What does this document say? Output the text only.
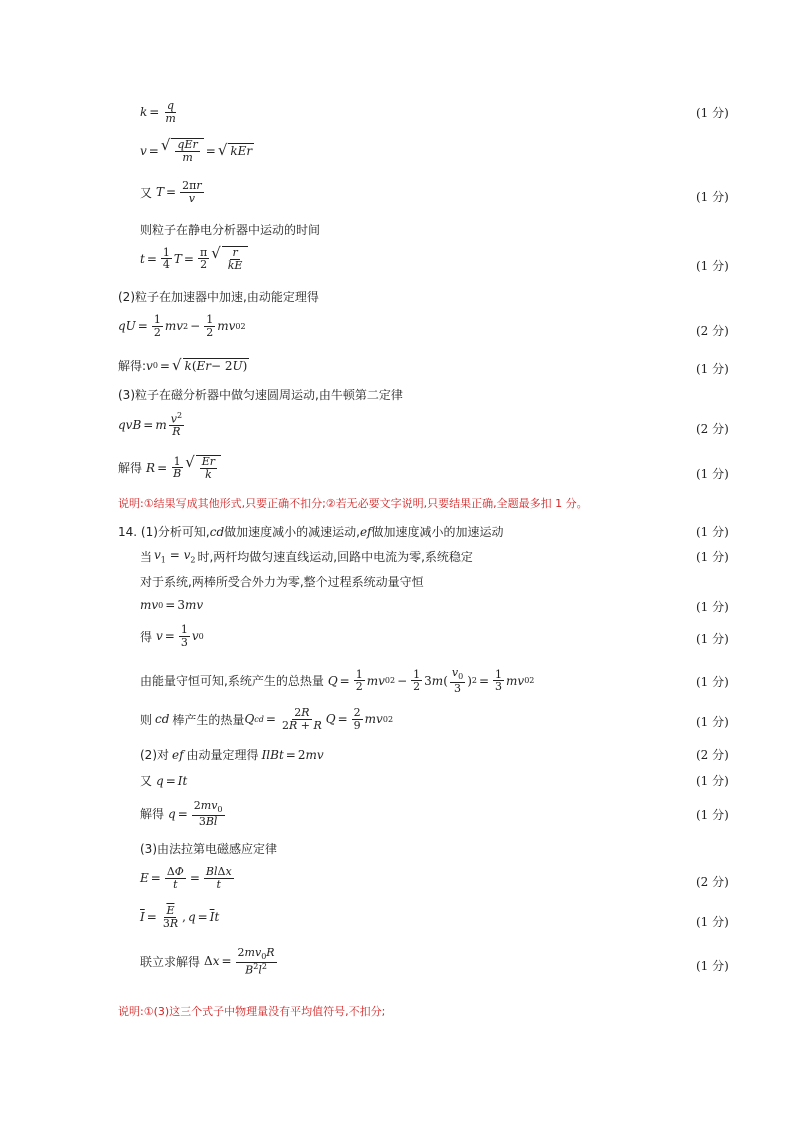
$k = \frac{q}{m}$	(1 分)
v = √ $\frac{\text{qEr}}{m}$ = √ kEr
又 $T = \frac{2\pi r}{v}$	(1 分)
则粒子在静电分析器中运动的时间
$t = \frac{1}{4}$ $T = \frac{\pi}{2}$ √ $\frac{r}{kE}$	(1 分)
(2)粒子在加速器中加速,由动能定理得
qU = $\frac{1}{2}$ mv $2 - \frac{1}{2}$ mv 0 2	(2 分)
解得: v 0 = √ k ( Er − 2 U )	(1 分)
(3)粒子在磁分析器中做匀速圆周运动,由牛顿第二定律
qvB = m $\frac{v^2}{R}$	(2 分)
解得 $R = \frac{1}{B}$ √ $\frac{Er}{k}$	(1 分)
说明:①结果写成其他形式,只要正确不扣分;②若无必要文字说明,只要结果正确,全题最多扣 1 分。
14. (1)分析可知, cd 做加速度减小的减速运动, ef 做加速度减小的加速运动	(1 分)
当 $v_1 = v_2$ 时,两杆均做匀速直线运动,回路中电流为零,系统稳定	(1 分)
对于系统,两棒所受合外力为零,整个过程系统动量守恒
mv 0 = 3 mv	(1 分)
得 $v = \frac{1}{3}$ v 0	(1 分)
由能量守恒可知,系统产生的总热量 $Q = \frac{1}{2}$ mv 0 $2 - \frac{1}{2} 3$ m ( $\frac{v_0}{3}$ ) $2 = \frac{1}{3}$ mv 0 2	(1 分)
则 cd 棒产生的热量 Q cd = $\frac{2R}{2R + R}$ $Q = \frac{2}{9}$ mv 0 2	(1 分)
(2)对 ef 由动量定理得 IlBt = 2 mv	(2 分)
又 q = It	(1 分)
解得 $q = \frac{2mv_0}{3Bl}$	(1 分)
(3)由法拉第电磁感应定律
$E = \frac{\Delta\Phi}{t} = \frac{\text{BlΔx}}{t}$	(2 分)
$\overline{I} = \frac{\overline{E}}{3R}$ , $q = \overline{I}t$	(1 分)
联立求解得 $\Delta x = \frac{2mv_0R}{B^2l^2}$	(1 分)
说明:①(3)这三个式子中物理量没有平均值符号,不扣分;
